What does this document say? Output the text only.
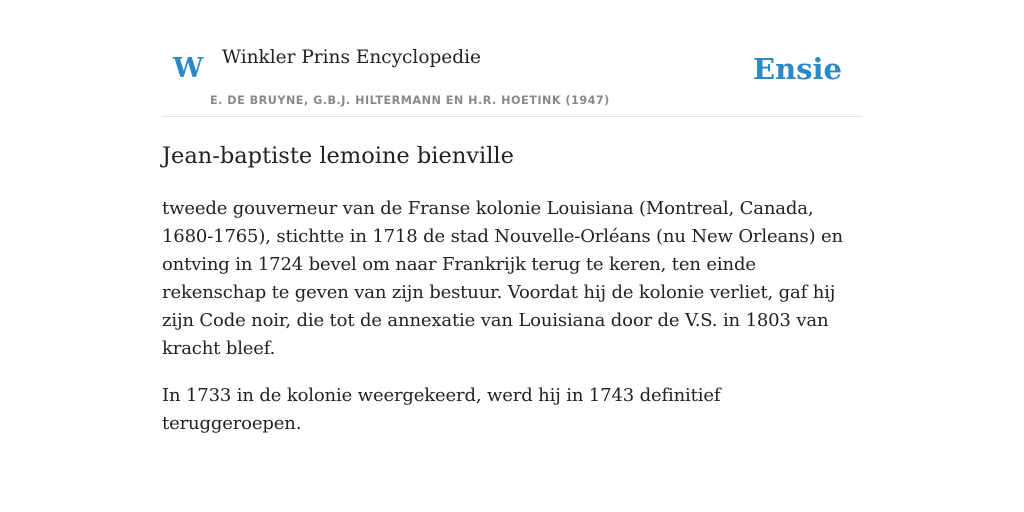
W Winkler Prins Encyclopedie
E. DE BRUYNE, G.B.J. HILTERMANN EN H.R. HOETINK (1947)
Ensie
Jean-baptiste lemoine bienville

tweede gouverneur van de Franse kolonie Louisiana (Montreal, Canada, 1680-1765), stichtte in 1718 de stad Nouvelle-Orléans (nu New Orleans) en ontving in 1724 bevel om naar Frankrijk terug te keren, ten einde rekenschap te geven van zijn bestuur. Voordat hij de kolonie verliet, gaf hij zijn Code noir, die tot de annexatie van Louisiana door de V.S. in 1803 van kracht bleef.

In 1733 in de kolonie weergekeerd, werd hij in 1743 definitief teruggeroepen.
